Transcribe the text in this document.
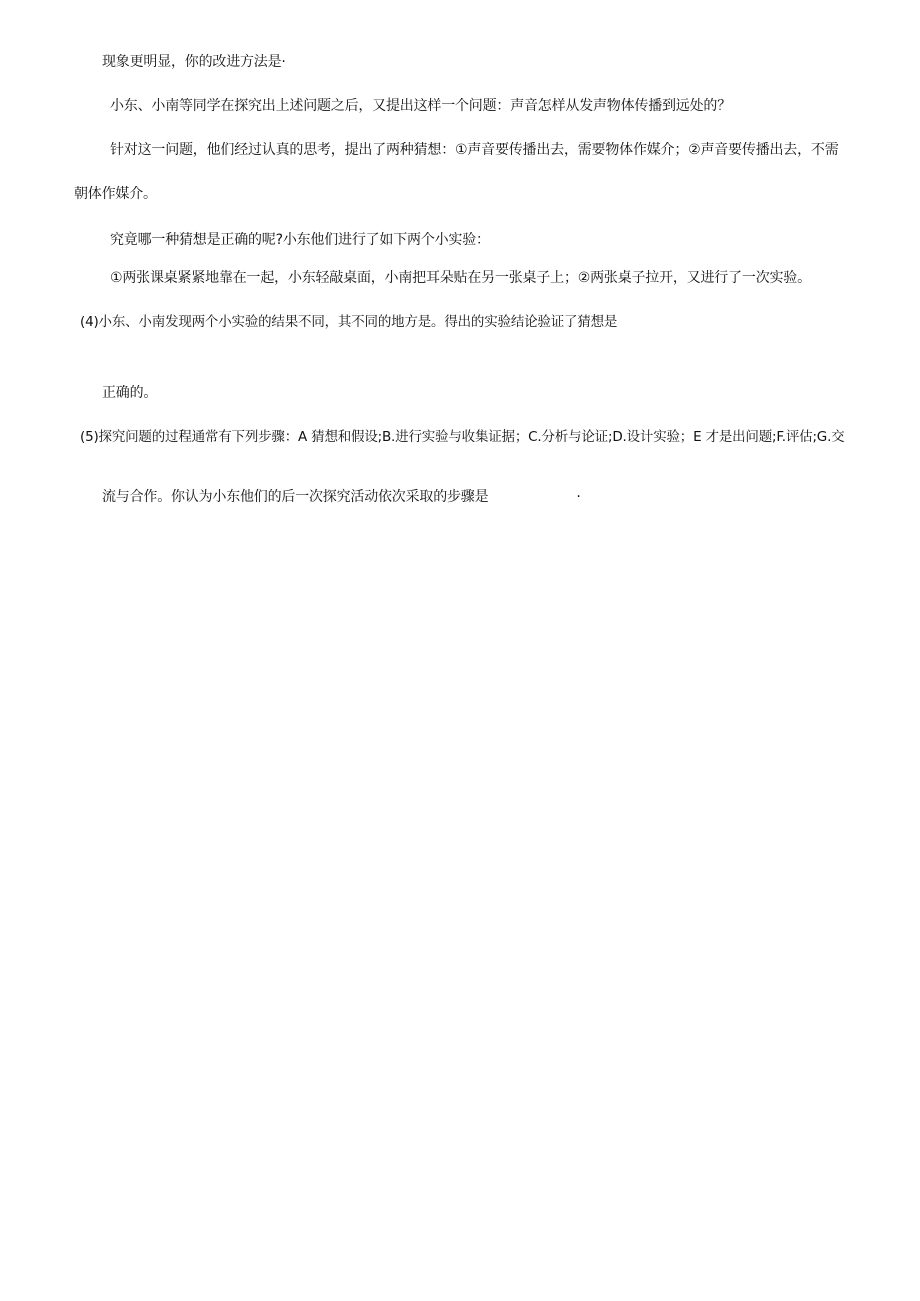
现象更明显，你的改进方法是·
小东、小南等同学在探究出上述问题之后，又提出这样一个问题：声音怎样从发声物体传播到远处的？
针对这一问题，他们经过认真的思考，提出了两种猜想：①声音要传播出去，需要物体作媒介；②声音要传播出去，不需
朝体作媒介。
究竟哪一种猜想是正确的呢?小东他们进行了如下两个小实验：
①两张课桌紧紧地靠在一起，小东轻敲桌面，小南把耳朵贴在另一张桌子上；②两张桌子拉开，又进行了一次实验。
(4)小东、小南发现两个小实验的结果不同，其不同的地方是。得出的实验结论验证了猜想是
正确的。
(5)探究问题的过程通常有下列步骤：A 猜想和假设;B.进行实验与收集证据；C.分析与论证;D.设计实验；E 才是出问题;F.评估;G.交
流与合作。你认为小东他们的后一次探究活动依次采取的步骤是	·
